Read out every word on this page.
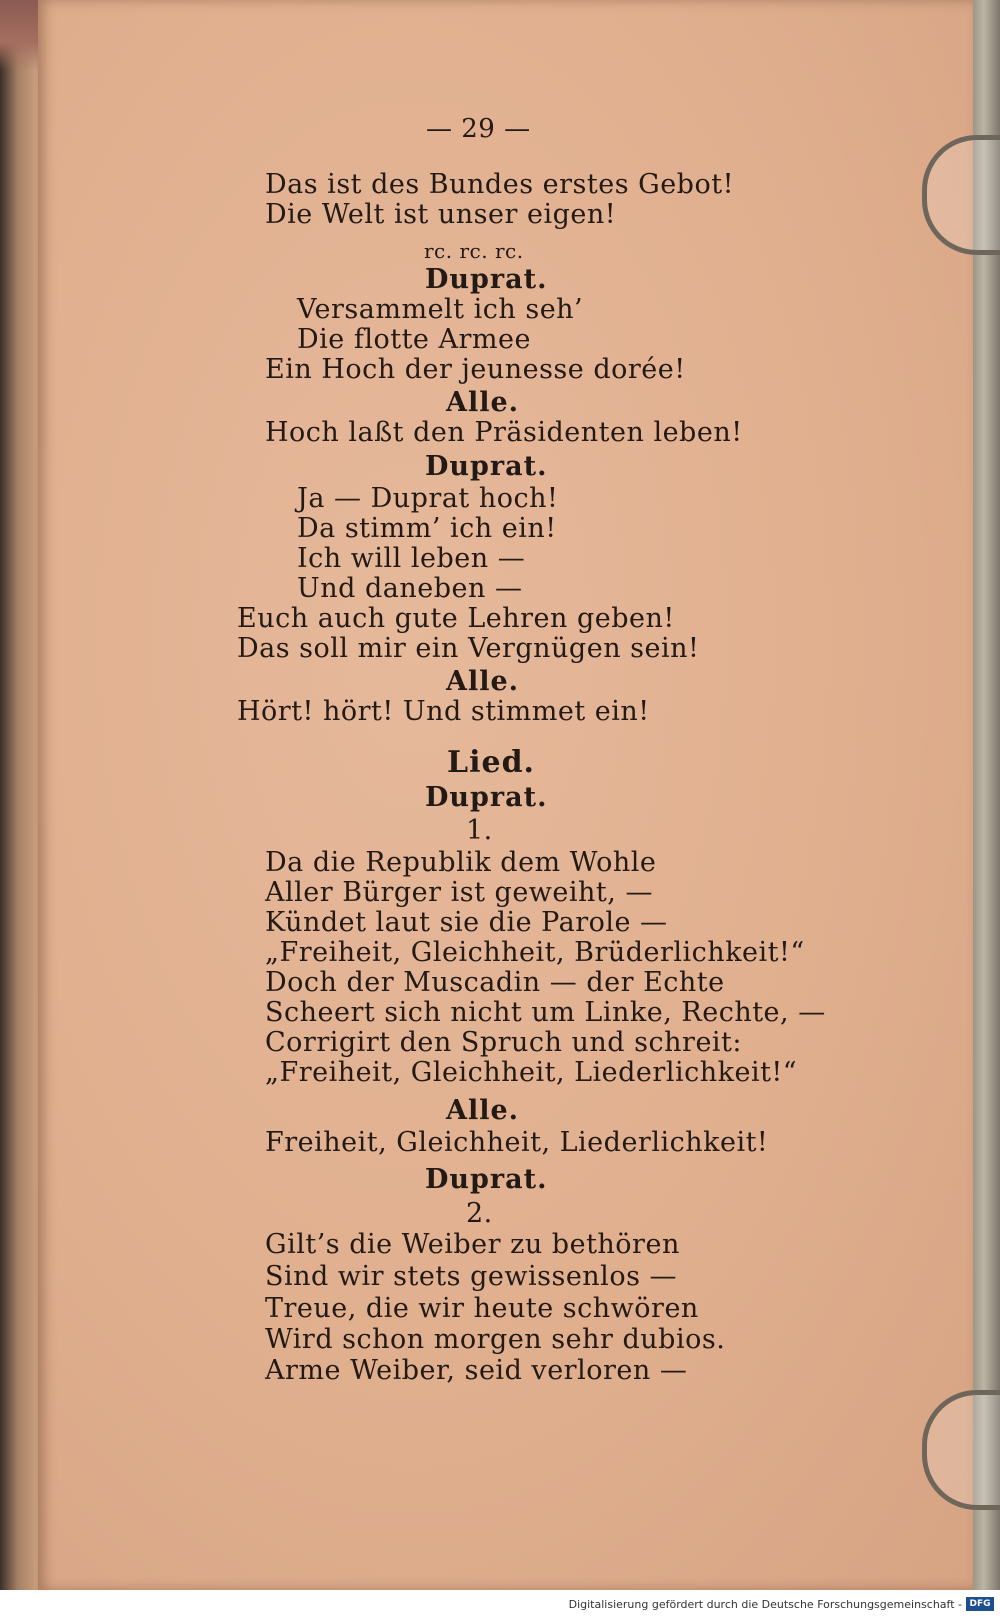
— 29 —
Das ist des Bundes erstes Gebot!
Die Welt ist unser eigen!
rc. rc. rc.
Duprat.
Versammelt ich seh’
Die flotte Armee
Ein Hoch der jeunesse dorée!
Alle.
Hoch laßt den Präsidenten leben!
Duprat.
Ja — Duprat hoch!
Da stimm’ ich ein!
Ich will leben —
Und daneben —
Euch auch gute Lehren geben!
Das soll mir ein Vergnügen sein!
Alle.
Hört! hört! Und stimmet ein!
Lied.
Duprat.
1.
Da die Republik dem Wohle
Aller Bürger ist geweiht, —
Kündet laut sie die Parole —
„Freiheit, Gleichheit, Brüderlichkeit!“
Doch der Muscadin — der Echte
Scheert sich nicht um Linke, Rechte, —
Corrigirt den Spruch und schreit:
„Freiheit, Gleichheit, Liederlichkeit!“
Alle.
Freiheit, Gleichheit, Liederlichkeit!
Duprat.
2.
Gilt’s die Weiber zu bethören
Sind wir stets gewissenlos —
Treue, die wir heute schwören
Wird schon morgen sehr dubios.
Arme Weiber, seid verloren —
Digitalisierung gefördert durch die Deutsche Forschungsgemeinschaft - DFG
